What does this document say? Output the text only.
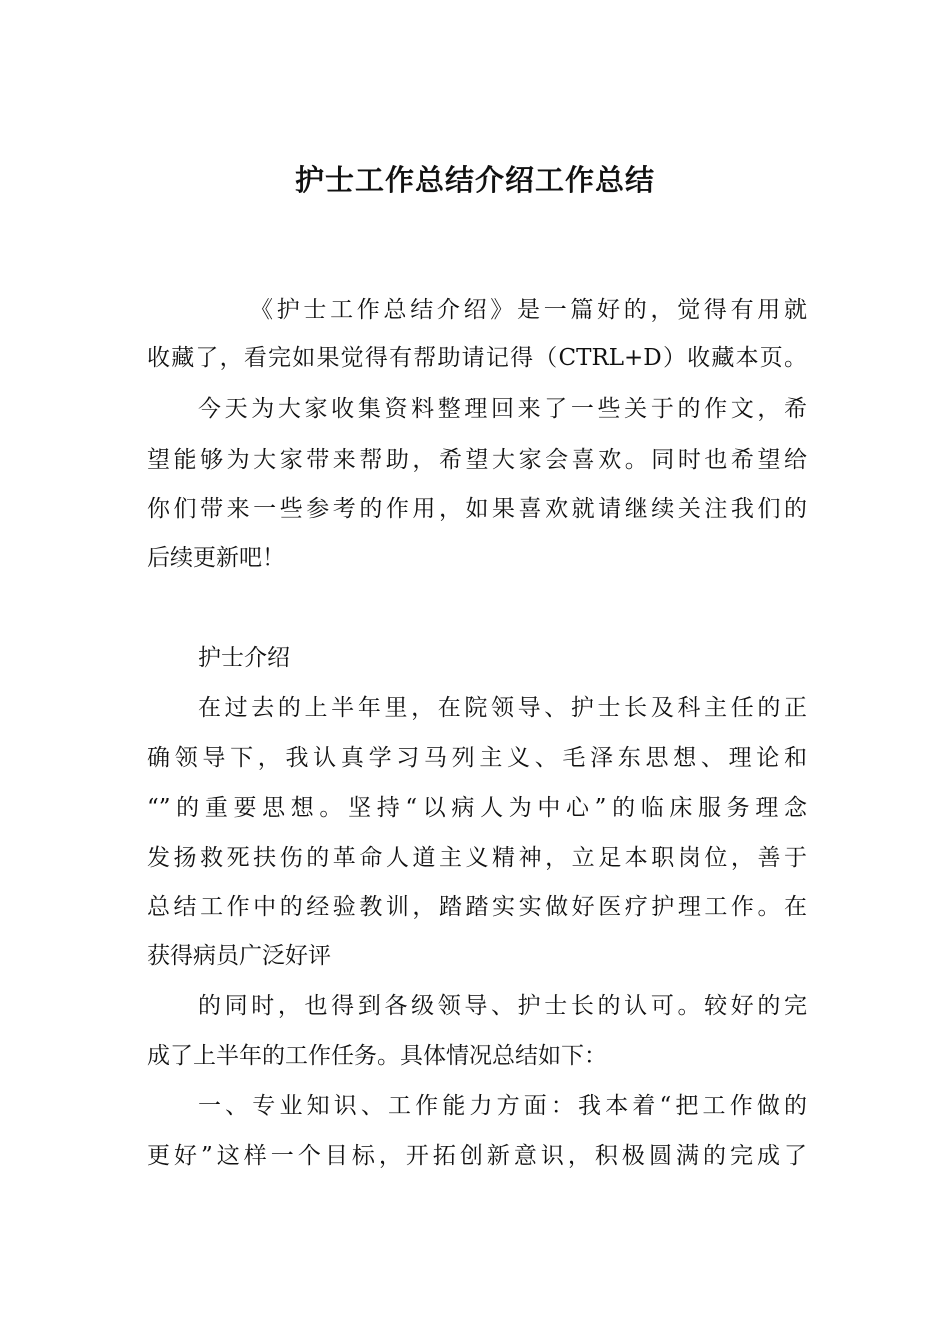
护士工作总结介绍工作总结

《护士工作总结介绍》是一篇好的，觉得有用就

收藏了，看完如果觉得有帮助请记得（CTRL+D）收藏本页。

今天为大家收集资料整理回来了一些关于的作文，希

望能够为大家带来帮助，希望大家会喜欢。同时也希望给

你们带来一些参考的作用，如果喜欢就请继续关注我们的

后续更新吧！

护士介绍

在过去的上半年里，在院领导、护士长及科主任的正

确领导下，我认真学习马列主义、毛泽东思想、理论和

“”的重要思想。坚持“以病人为中心”的临床服务理念

发扬救死扶伤的革命人道主义精神，立足本职岗位，善于

总结工作中的经验教训，踏踏实实做好医疗护理工作。在

获得病员广泛好评

的同时，也得到各级领导、护士长的认可。较好的完

成了上半年的工作任务。具体情况总结如下：

一、专业知识、工作能力方面：我本着“把工作做的

更好”这样一个目标，开拓创新意识，积极圆满的完成了
